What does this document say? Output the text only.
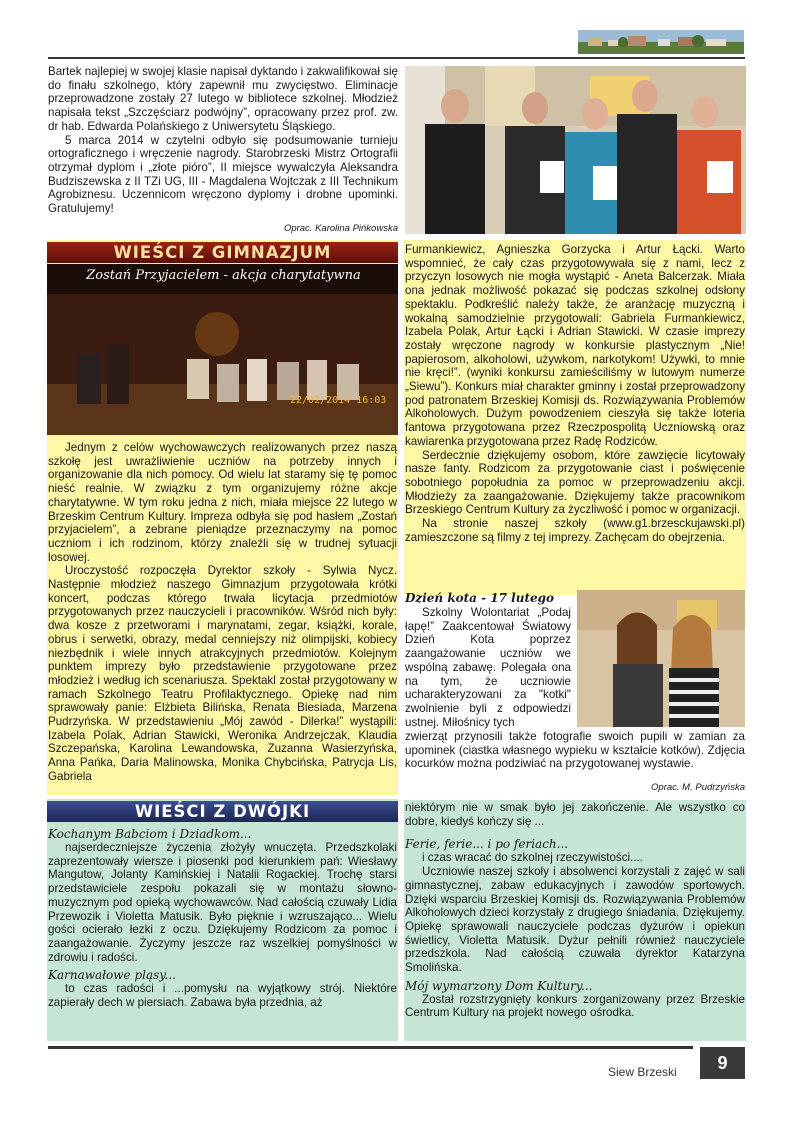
Bartek najlepiej w swojej klasie napisał dyktando i zakwalifikował się do finału szkolnego, który zapewnił mu zwycięstwo. Eliminacje przeprowadzone zostały 27 lutego w bibliotece szkolnej. Młodzież napisała tekst „Szczęściarz podwójny”, opracowany przez prof. zw. dr hab. Edwarda Polańskiego z Uniwersytetu Śląskiego.

5 marca 2014 w czytelni odbyło się podsumowanie turnieju ortograficznego i wręczenie nagrody. Starobrzeski Mistrz Ortografii otrzymał dyplom i „złote pióro”, II miejsce wywalczyła Aleksandra Budziszewska z II TZi UG, III - Magdalena Wojtczak z III Technikum Agrobiznesu. Uczennicom wręczono dyplomy i drobne upominki. Gratulujemy!

Oprac. Karolina Pińkowska
WIEŚCI Z GIMNAZJUM
Zostań Przyjacielem - akcja charytatywna
22/02/2014 16:03

Jednym z celów wychowawczych realizowanych przez naszą szkołę jest uwrażliwienie uczniów na potrzeby innych i organizowanie dla nich pomocy. Od wielu lat staramy się tę pomoc nieść realnie. W związku z tym organizujemy różne akcje charytatywne. W tym roku jedna z nich, miała miejsce 22 lutego w Brzeskim Centrum Kultury. Impreza odbyła się pod hasłem „Zostań przyjacielem”, a zebrane pieniądze przeznaczymy na pomoc uczniom i ich rodzinom, którzy znaleźli się w trudnej sytuacji losowej.

Uroczystość rozpoczęła Dyrektor szkoły - Sylwia Nycz. Następnie młodzież naszego Gimnazjum przygotowała krótki koncert, podczas którego trwała licytacja przedmiotów przygotowanych przez nauczycieli i pracowników. Wśród nich były: dwa kosze z przetworami i marynatami, zegar, książki, korale, obrus i serwetki, obrazy, medal cenniejszy niż olimpijski, kobiecy niezbędnik i wiele innych atrakcyjnych przedmiotów. Kolejnym punktem imprezy było przedstawienie przygotowane przez młodzież i według ich scenariusza. Spektakl został przygotowany w ramach Szkolnego Teatru Profilaktycznego. Opiekę nad nim sprawowały panie: Elżbieta Bilińska, Renata Biesiada, Marzena Pudrzyńska. W przedstawieniu „Mój zawód - Dilerka!” wystąpili: Izabela Polak, Adrian Stawicki, Weronika Andrzejczak, Klaudia Szczepańska, Karolina Lewandowska, Zuzanna Wasierzyńska, Anna Pańka, Daria Malinowska, Monika Chybcińska, Patrycja Lis, Gabriela

Furmankiewicz, Agnieszka Gorzycka i Artur Łącki. Warto wspomnieć, że cały czas przygotowywała się z nami, lecz z przyczyn losowych nie mogła wystąpić - Aneta Balcerzak. Miała ona jednak możliwość pokazać się podczas szkolnej odsłony spektaklu. Podkreślić należy także, że aranżację muzyczną i wokalną samodzielnie przygotowali: Gabriela Furmankiewicz, Izabela Polak, Artur Łącki i Adrian Stawicki. W czasie imprezy zostały wręczone nagrody w konkursie plastycznym „Nie! papierosom, alkoholowi, używkom, narkotykom! Używki, to mnie nie kręci!”. (wyniki konkursu zamieściliśmy w lutowym numerze „Siewu”). Konkurs miał charakter gminny i został przeprowadzony pod patronatem Brzeskiej Komisji ds. Rozwiązywania Problemów Alkoholowych. Dużym powodzeniem cieszyła się także loteria fantowa przygotowana przez Rzeczpospolitą Uczniowską oraz kawiarenka przygotowana przez Radę Rodziców.

Serdecznie dziękujemy osobom, które zawzięcie licytowały nasze fanty. Rodzicom za przygotowanie ciast i poświęcenie sobotniego popołudnia za pomoc w przeprowadzeniu akcji. Młodzieży za zaangażowanie. Dziękujemy także pracownikom Brzeskiego Centrum Kultury za życzliwość i pomoc w organizacji.

Na stronie naszej szkoły (www.g1.brzesckujawski.pl) zamieszczone są filmy z tej imprezy. Zachęcam do obejrzenia.

Dzień kota - 17 lutego
Szkolny Wolontariat „Podaj łapę!” Zaakcentował Światowy Dzień Kota poprzez zaangażowanie uczniów we wspólną zabawę. Polegała ona na tym, że uczniowie ucharakteryzowani za "kotki" zwolnienie byli z odpowiedzi ustnej. Miłośnicy tych
zwierząt przynosili także fotografie swoich pupili w zamian za upominek (ciastka własnego wypieku w kształcie kotków). Zdjęcia kocurków można podziwiać na przygotowanej wystawie.
Oprac. M. Pudrzyńska
WIEŚCI Z DWÓJKI

Kochanym Babciom i Dziadkom...

najserdeczniejsze życzenia złożyły wnuczęta. Przedszkolaki zaprezentowały wiersze i piosenki pod kierunkiem pań: Wiesławy Mangutow, Jolanty Kamińskiej i Natalii Rogackiej. Trochę starsi przedstawiciele zespołu pokazali się w montażu słowno-muzycznym pod opieką wychowawców. Nad całością czuwały Lidia Przewozik i Violetta Matusik. Było pięknie i wzruszająco... Wielu gości ocierało łezki z oczu. Dziękujemy Rodzicom za pomoc i zaangażowanie. Życzymy jeszcze raz wszelkiej pomyślności w zdrowiu i radości.

Karnawałowe pląsy...

to czas radości i ...pomysłu na wyjątkowy strój. Niektóre zapierały dech w piersiach. Zabawa była przednia, aż

niektórym nie w smak było jej zakończenie. Ale wszystko co dobre, kiedyś kończy się ...

Ferie, ferie... i po feriach...

i czas wracać do szkolnej rzeczywistości....

Uczniowie naszej szkoły i absolwenci korzystali z zajęć w sali gimnastycznej, zabaw edukacyjnych i zawodów sportowych. Dzięki wsparciu Brzeskiej Komisji ds. Rozwiązywania Problemów Alkoholowych dzieci korzystały z drugiego śniadania. Dziękujemy. Opiekę sprawowali nauczyciele podczas dyżurów i opiekun świetlicy, Violetta Matusik. Dyżur pełnili również nauczyciele przedszkola. Nad całością czuwała dyrektor Katarzyna Smolińska.

Mój wymarzony Dom Kultury...

Został rozstrzygnięty konkurs zorganizowany przez Brzeskie Centrum Kultury na projekt nowego ośrodka.

Siew Brzeski	9
